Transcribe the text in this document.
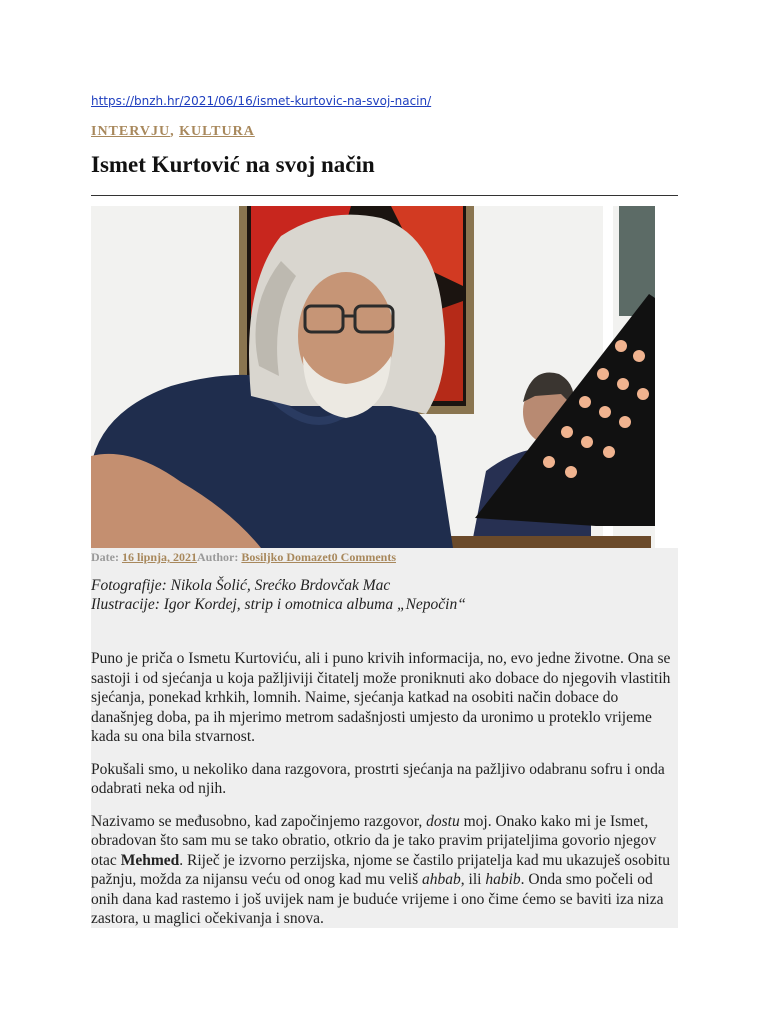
https://bnzh.hr/2021/06/16/ismet-kurtovic-na-svoj-nacin/
INTERVJU, KULTURA
Ismet Kurtović na svoj način
Date: 16 lipnja, 2021Author: Bosiljko Domazet0 Comments
Fotografije: Nikola Šolić, Srećko Brdovčak Mac
Ilustracije: Igor Kordej, strip i omotnica albuma „Nepočin“

Puno je priča o Ismetu Kurtoviću, ali i puno krivih informacija, no, evo jedne životne. Ona se sastoji i od sjećanja u koja pažljiviji čitatelj može proniknuti ako dobace do njegovih vlastitih sjećanja, ponekad krhkih, lomnih. Naime, sjećanja katkad na osobiti način dobace do današnjeg doba, pa ih mjerimo metrom sadašnjosti umjesto da uronimo u proteklo vrijeme kada su ona bila stvarnost.

Pokušali smo, u nekoliko dana razgovora, prostrti sjećanja na pažljivo odabranu sofru i onda odabrati neka od njih.

Nazivamo se međusobno, kad započinjemo razgovor, dostu moj. Onako kako mi je Ismet, obradovan što sam mu se tako obratio, otkrio da je tako pravim prijateljima govorio njegov otac Mehmed. Riječ je izvorno perzijska, njome se častilo prijatelja kad mu ukazuješ osobitu pažnju, možda za nijansu veću od onog kad mu veliš ahbab, ili habib. Onda smo počeli od onih dana kad rastemo i još uvijek nam je buduće vrijeme i ono čime ćemo se baviti iza niza zastora, u maglici očekivanja i snova.
